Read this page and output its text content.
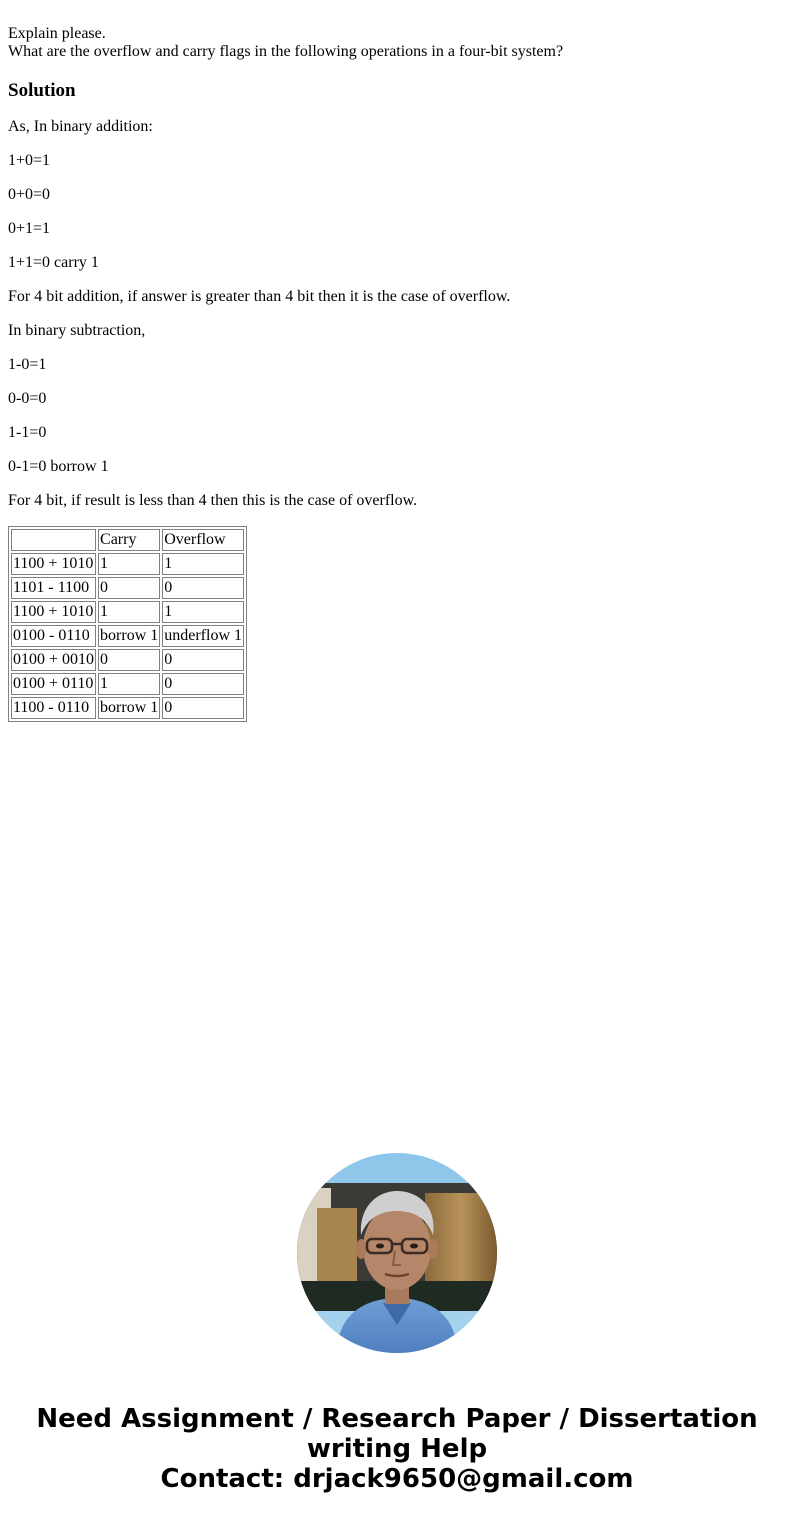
Explain please.
What are the overflow and carry flags in the following operations in a four-bit system?
Solution

As, In binary addition:

1+0=1

0+0=0

0+1=1

1+1=0 carry 1

For 4 bit addition, if answer is greater than 4 bit then it is the case of overflow.

In binary subtraction,

1-0=1

0-0=0

1-1=0

0-1=0 borrow 1

For 4 bit, if result is less than 4 then this is the case of overflow.

	Carry	Overflow
1100 + 1010	1	1
1101 - 1100	0	0
1100 + 1010	1	1
0100 - 0110	borrow 1	underflow 1
0100 + 0010	0	0
0100 + 0110	1	0
1100 - 0110	borrow 1	0
Need Assignment / Research Paper / Dissertation
writing Help
Contact: drjack9650@gmail.com
